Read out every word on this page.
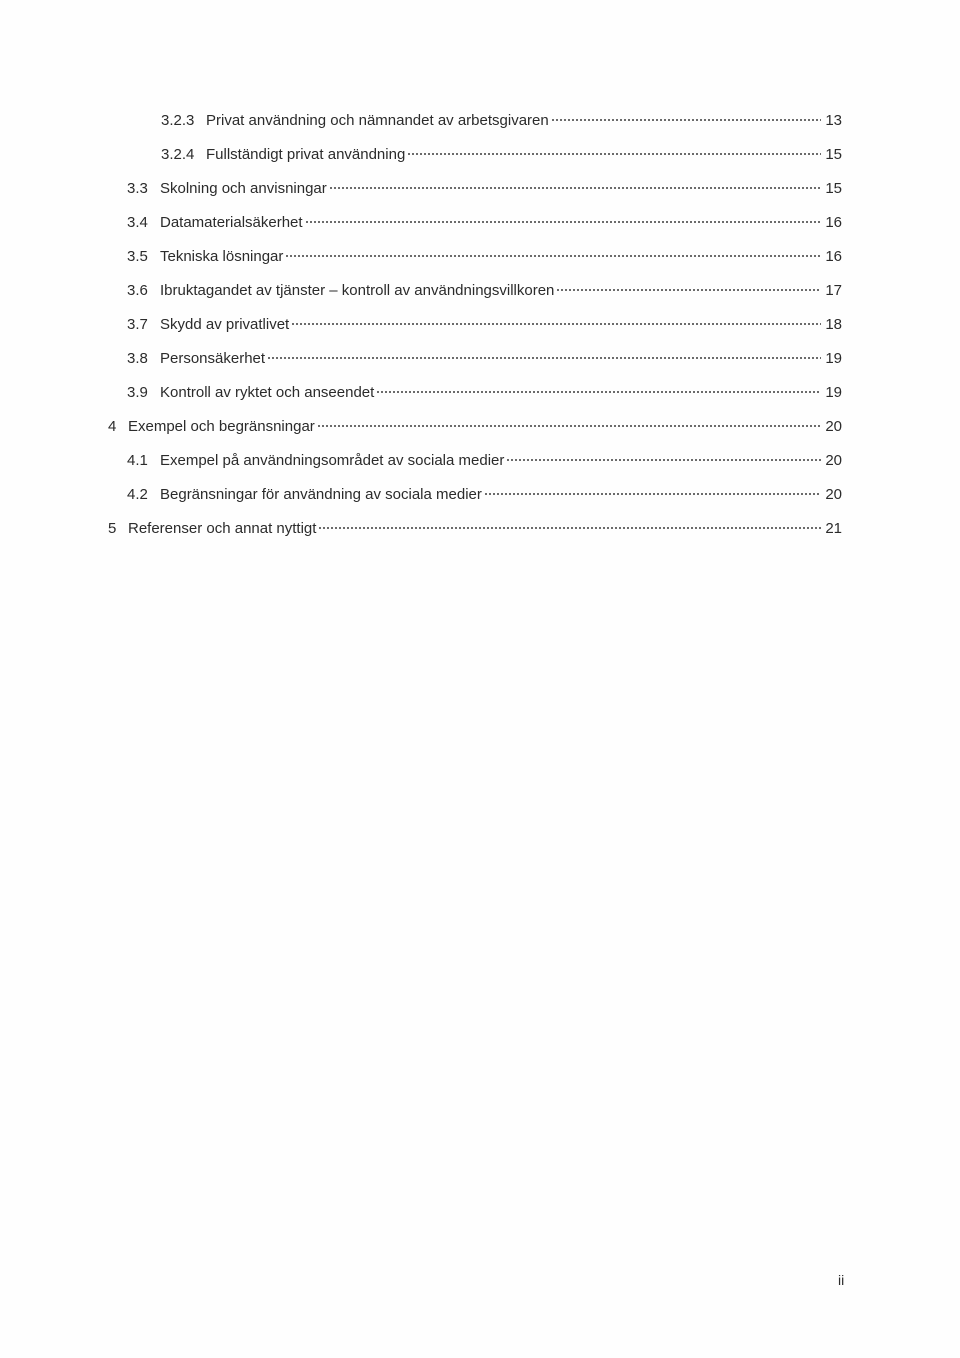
3.2.3 Privat användning och nämnandet av arbetsgivaren	13
3.2.4 Fullständigt privat användning	15
3.3 Skolning och anvisningar	15
3.4 Datamaterialsäkerhet	16
3.5 Tekniska lösningar	16
3.6 Ibruktagandet av tjänster – kontroll av användningsvillkoren	17
3.7 Skydd av privatlivet	18
3.8 Personsäkerhet	19
3.9 Kontroll av ryktet och anseendet	19
4 Exempel och begränsningar	20
4.1 Exempel på användningsområdet av sociala medier	20
4.2 Begränsningar för användning av sociala medier	20
5 Referenser och annat nyttigt	21
ii
